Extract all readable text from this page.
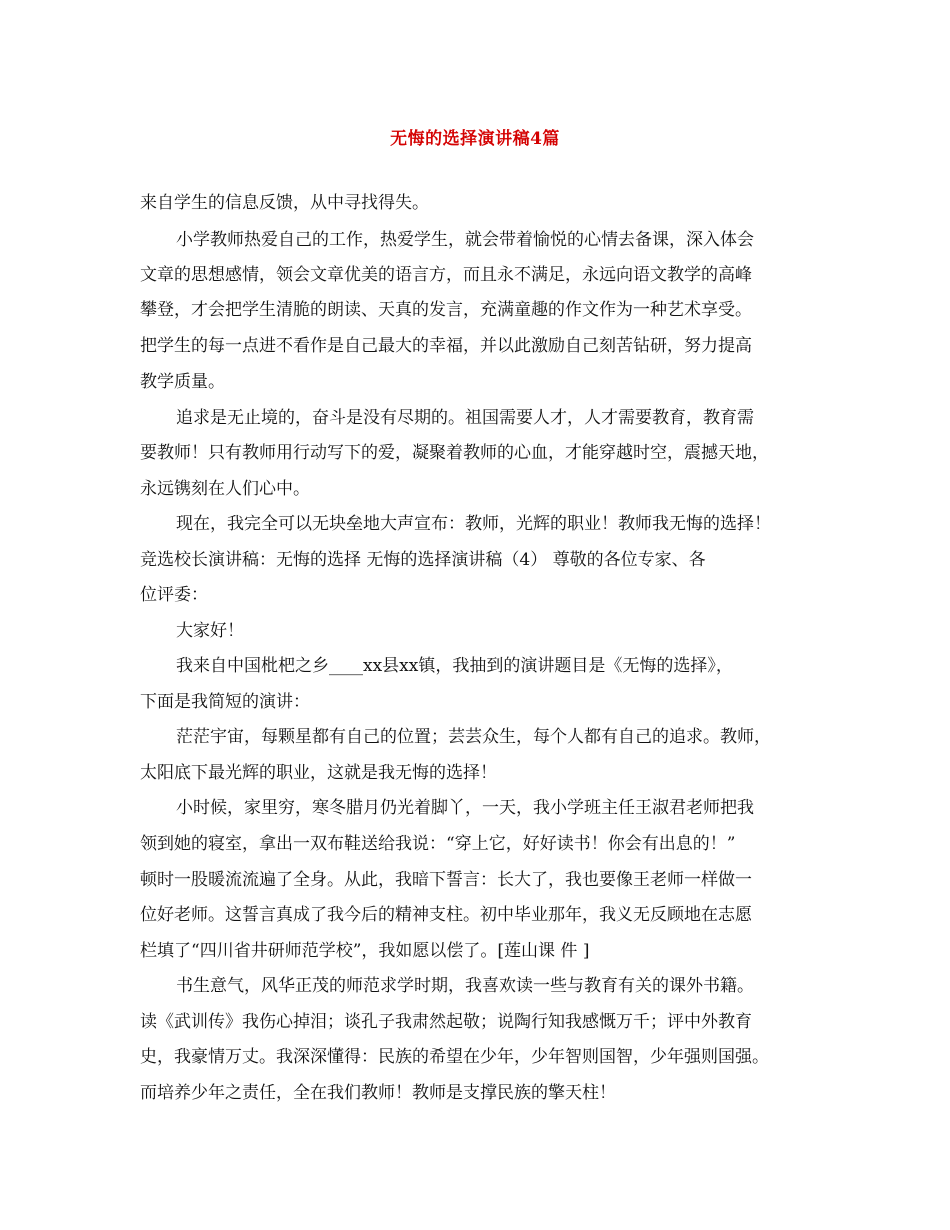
无悔的选择演讲稿4篇
来自学生的信息反馈，从中寻找得失。
小学教师热爱自己的工作，热爱学生，就会带着愉悦的心情去备课，深入体会
文章的思想感情，领会文章优美的语言方，而且永不满足，永远向语文教学的高峰
攀登，才会把学生清脆的朗读、天真的发言，充满童趣的作文作为一种艺术享受。
把学生的每一点进不看作是自己最大的幸福，并以此激励自己刻苦钻研，努力提高
教学质量。
追求是无止境的，奋斗是没有尽期的。祖国需要人才，人才需要教育，教育需
要教师！只有教师用行动写下的爱，凝聚着教师的心血，才能穿越时空，震撼天地，
永远镌刻在人们心中。
现在，我完全可以无块垒地大声宣布：教师，光辉的职业！教师我无悔的选择！
竞选校长演讲稿：无悔的选择 无悔的选择演讲稿（4） 尊敬的各位专家、各
位评委：
大家好！
我来自中国枇杷之乡____xx县xx镇，我抽到的演讲题目是《无悔的选择》，
下面是我简短的演讲：
茫茫宇宙，每颗星都有自己的位置；芸芸众生，每个人都有自己的追求。教师，
太阳底下最光辉的职业，这就是我无悔的选择！
小时候，家里穷，寒冬腊月仍光着脚丫，一天，我小学班主任王淑君老师把我
领到她的寝室，拿出一双布鞋送给我说：“穿上它，好好读书！你会有出息的！”
顿时一股暖流流遍了全身。从此，我暗下誓言：长大了，我也要像王老师一样做一
位好老师。这誓言真成了我今后的精神支柱。初中毕业那年，我义无反顾地在志愿
栏填了“四川省井研师范学校”，我如愿以偿了。[莲山课 件 ]
书生意气，风华正茂的师范求学时期，我喜欢读一些与教育有关的课外书籍。
读《武训传》我伤心掉泪；谈孔子我肃然起敬；说陶行知我感慨万千；评中外教育
史，我豪情万丈。我深深懂得：民族的希望在少年，少年智则国智，少年强则国强。
而培养少年之责任，全在我们教师！教师是支撑民族的擎天柱！
